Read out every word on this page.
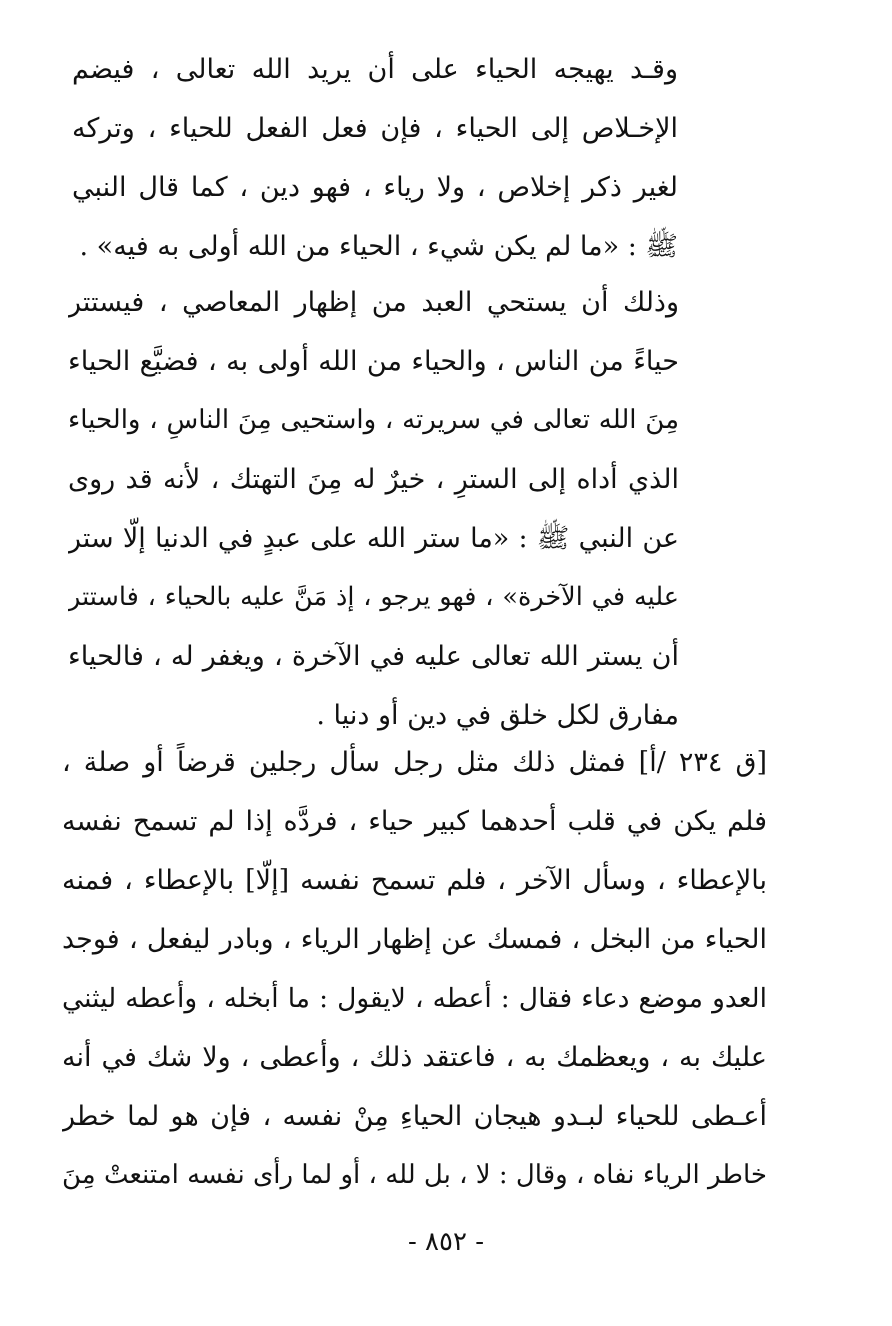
وقـد يهيجه الحياء على أن يريد الله تعالى ، فيضم
الإخـلاص إلى الحياء ، فإن فعل الفعل للحياء ، وتركه
لغير ذكر إخلاص ، ولا رياء ، فهو دين ، كما قال النبي
ﷺ : «ما لم يكن شيء ، الحياء من الله أولى به فيه» .
وذلك أن يستحي العبد من إظهار المعاصي ، فيستتر
حياءً من الناس ، والحياء من الله أولى به ، فضيَّع الحياء
مِنَ الله تعالى في سريرته ، واستحيى مِنَ الناسِ ، والحياء
الذي أداه إلى السترِ ، خيرٌ له مِنَ التهتك ، لأنه قد روى
عن النبي ﷺ : «ما ستر الله على عبدٍ في الدنيا إلّا ستر
عليه في الآخرة» ، فهو يرجو ، إذ مَنَّ عليه بالحياء ، فاستتر
أن يستر الله تعالى عليه في الآخرة ، ويغفر له ، فالحياء
مفارق لكل خلق في دين أو دنيا .
[ق ٢٣٤ /أ] فمثل ذلك مثل رجل سأل رجلين قرضاً أو صلة ،
فلم يكن في قلب أحدهما كبير حياء ، فردَّه إذا لم تسمح نفسه
بالإعطاء ، وسأل الآخر ، فلم تسمح نفسه [إلّا] بالإعطاء ، فمنه
الحياء من البخل ، فمسك عن إظهار الرياء ، وبادر ليفعل ، فوجد
العدو موضع دعاء فقال : أعطه ، لايقول : ما أبخله ، وأعطه ليثني
عليك به ، ويعظمك به ، فاعتقد ذلك ، وأعطى ، ولا شك في أنه
أعـطى للحياء لبـدو هيجان الحياءِ مِنْ نفسه ، فإن هو لما خطر
خاطر الرياء نفاه ، وقال : لا ، بل لله ، أو لما رأى نفسه امتنعتْ مِنَ
- ٨٥٢ -
